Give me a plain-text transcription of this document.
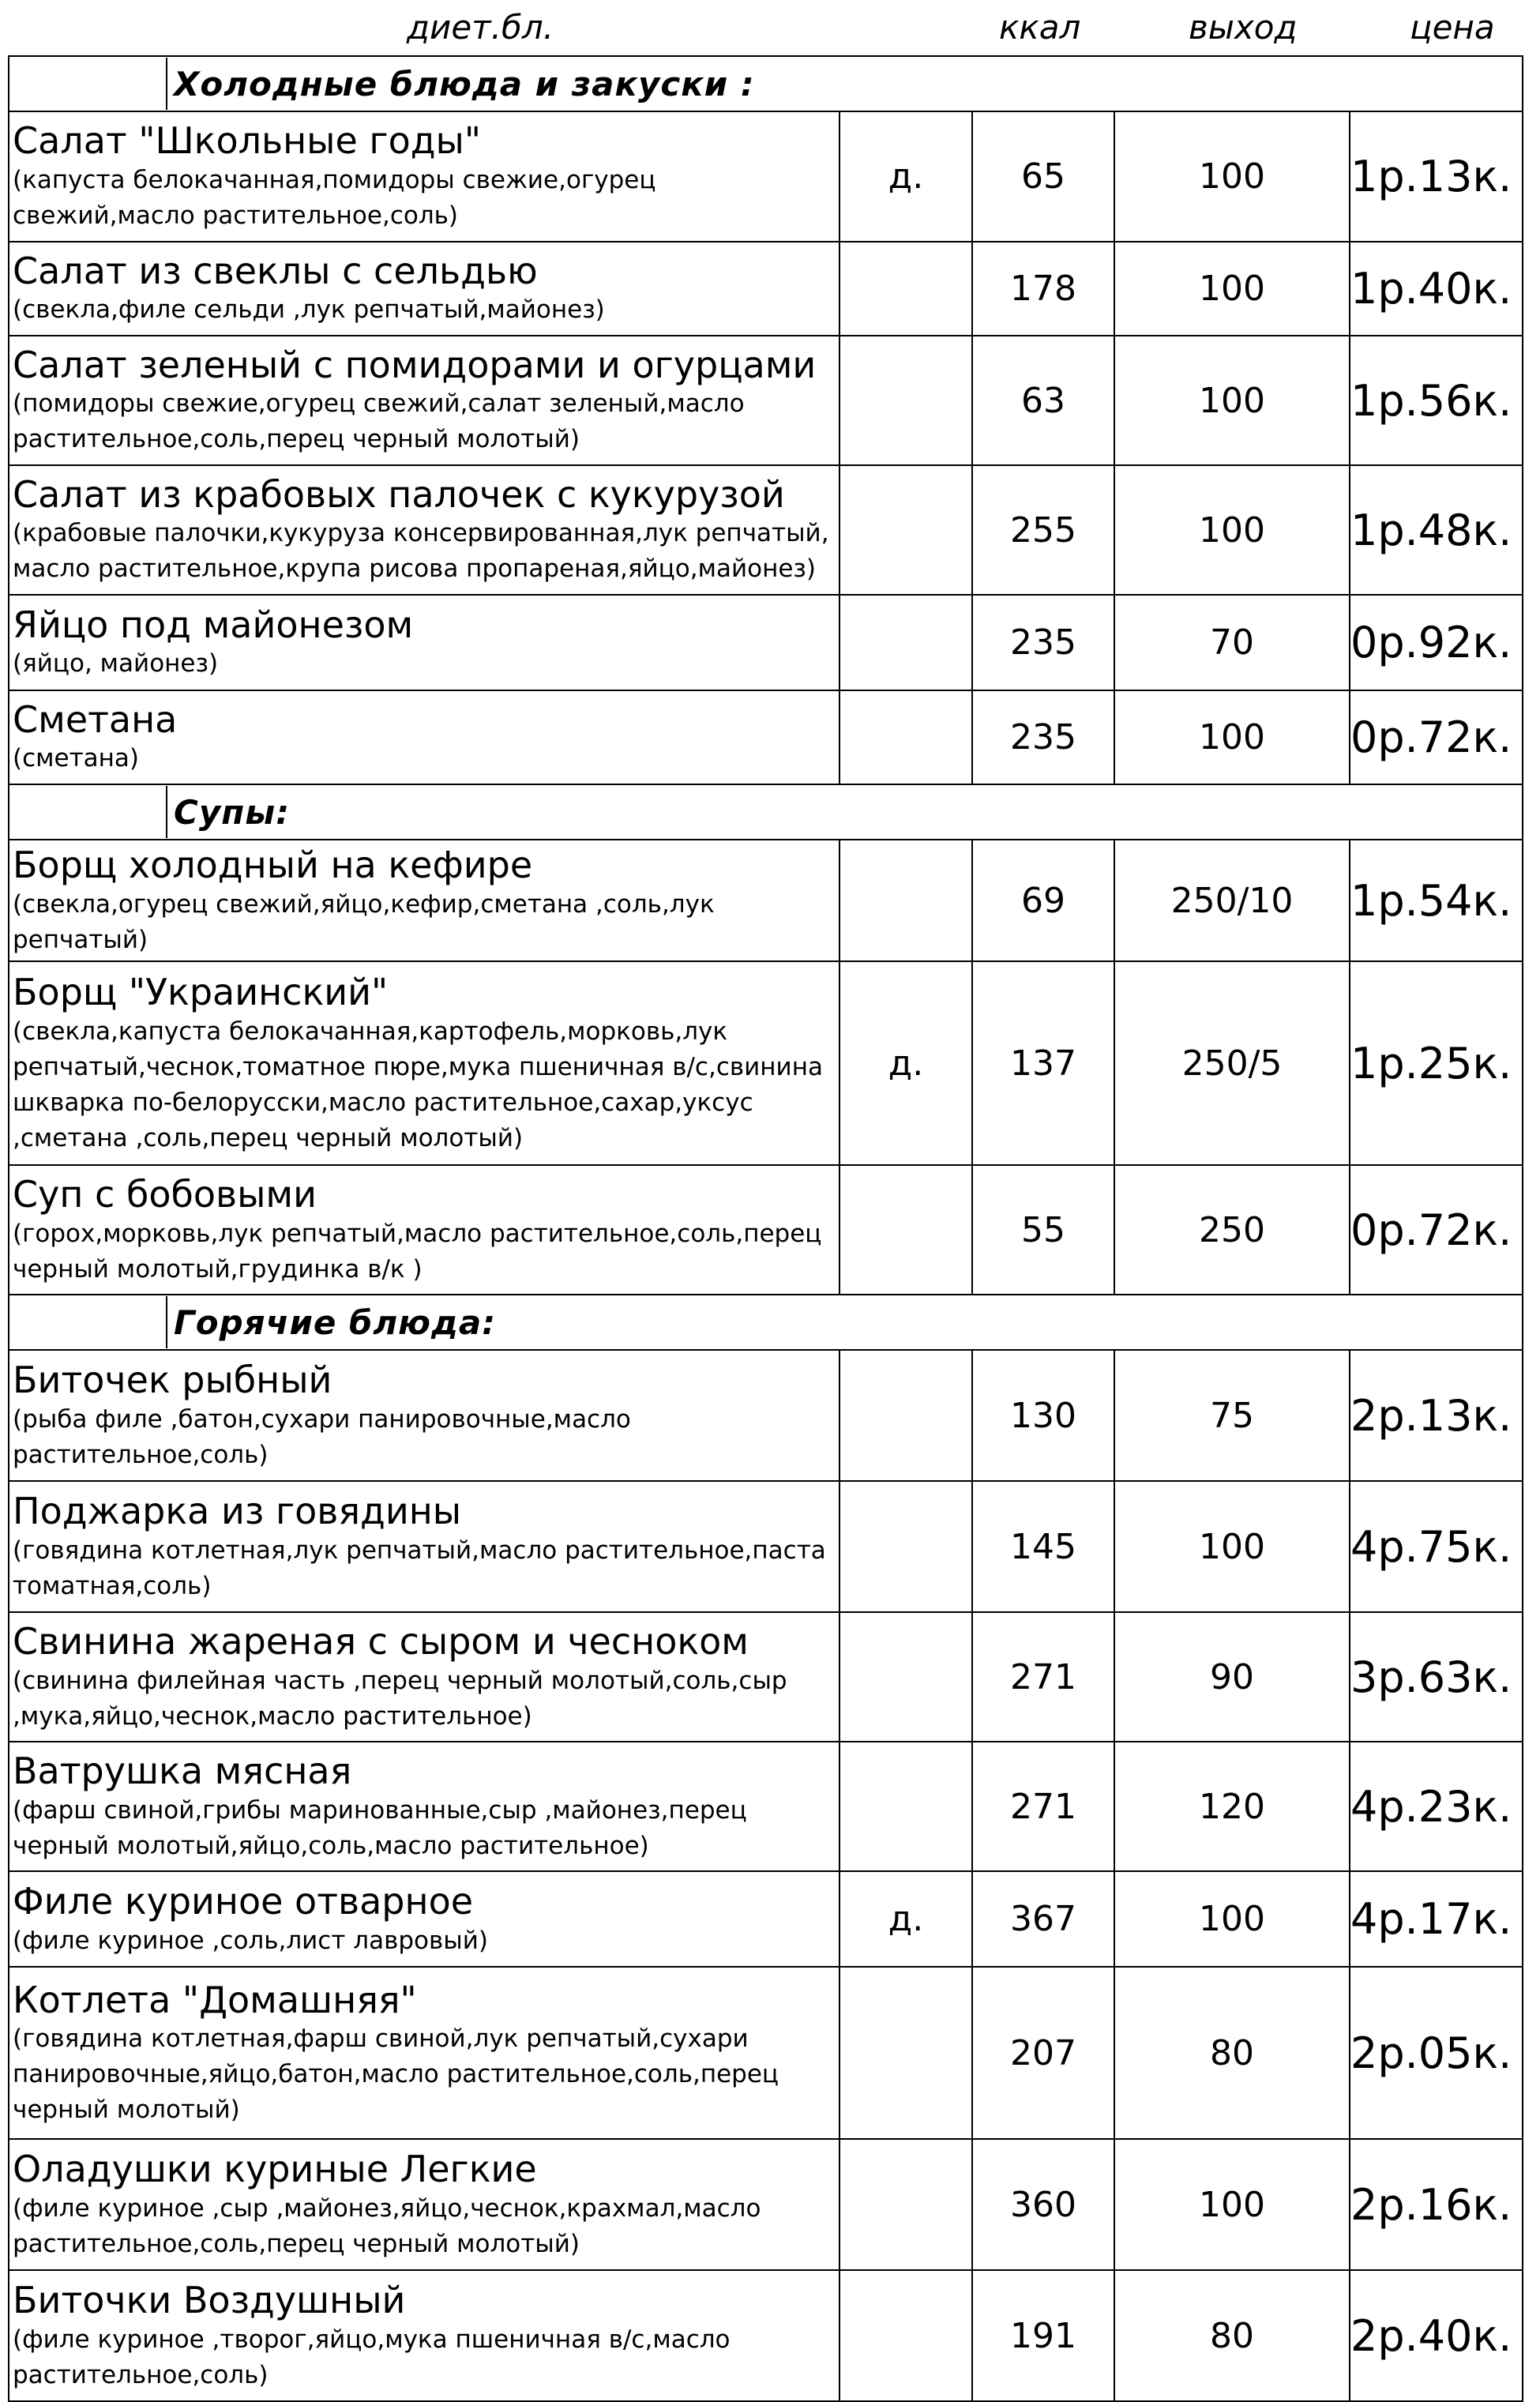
диет.бл.	ккал	выход	цена
Холодные блюда и закуски :				

Салат "Школьные годы"
(капуста белокачанная,помидоры свежие,огурец свежий,масло растительное,соль)	д.	65	100	1р.13к.

Салат из свеклы с сельдью
(свекла,филе сельди ,лук репчатый,майонез)		178	100	1р.40к.

Салат зеленый с помидорами и огурцами
(помидоры свежие,огурец свежий,салат зеленый,масло растительное,соль,перец черный молотый)		63	100	1р.56к.

Салат из крабовых палочек с кукурузой
(крабовые палочки,кукуруза консервированная,лук репчатый, масло растительное,крупа рисова пропареная,яйцо,майонез)		255	100	1р.48к.

Яйцо под майонезом
(яйцо, майонез)		235	70	0р.92к.

Сметана
(сметана)		235	100	0р.72к.

Супы:				

Борщ холодный на кефире
(свекла,огурец свежий,яйцо,кефир,сметана ,соль,лук репчатый)		69	250/10	1р.54к.

Борщ "Украинский"
(свекла,капуста белокачанная,картофель,морковь,лук репчатый,чеснок,томатное пюре,мука пшеничная в/с,свинина шкварка по-белорусски,масло растительное,сахар,уксус ,сметана ,соль,перец черный молотый)	д.	137	250/5	1р.25к.

Суп с бобовыми
(горох,морковь,лук репчатый,масло растительное,соль,перец черный молотый,грудинка в/к )		55	250	0р.72к.

Горячие блюда:				

Биточек рыбный
(рыба филе ,батон,сухари панировочные,масло растительное,соль)		130	75	2р.13к.

Поджарка из говядины
(говядина котлетная,лук репчатый,масло растительное,паста томатная,соль)		145	100	4р.75к.

Свинина жареная с сыром и чесноком
(свинина филейная часть ,перец черный молотый,соль,сыр ,мука,яйцо,чеснок,масло растительное)		271	90	3р.63к.

Ватрушка мясная
(фарш свиной,грибы маринованные,сыр ,майонез,перец черный молотый,яйцо,соль,масло растительное)		271	120	4р.23к.

Филе куриное отварное
(филе куриное ,соль,лист лавровый)	д.	367	100	4р.17к.

Котлета "Домашняя"
(говядина котлетная,фарш свиной,лук репчатый,сухари панировочные,яйцо,батон,масло растительное,соль,перец черный молотый)		207	80	2р.05к.

Оладушки куриные Легкие
(филе куриное ,сыр ,майонез,яйцо,чеснок,крахмал,масло растительное,соль,перец черный молотый)		360	100	2р.16к.

Биточки Воздушный
(филе куриное ,творог,яйцо,мука пшеничная в/с,масло растительное,соль)		191	80	2р.40к.
